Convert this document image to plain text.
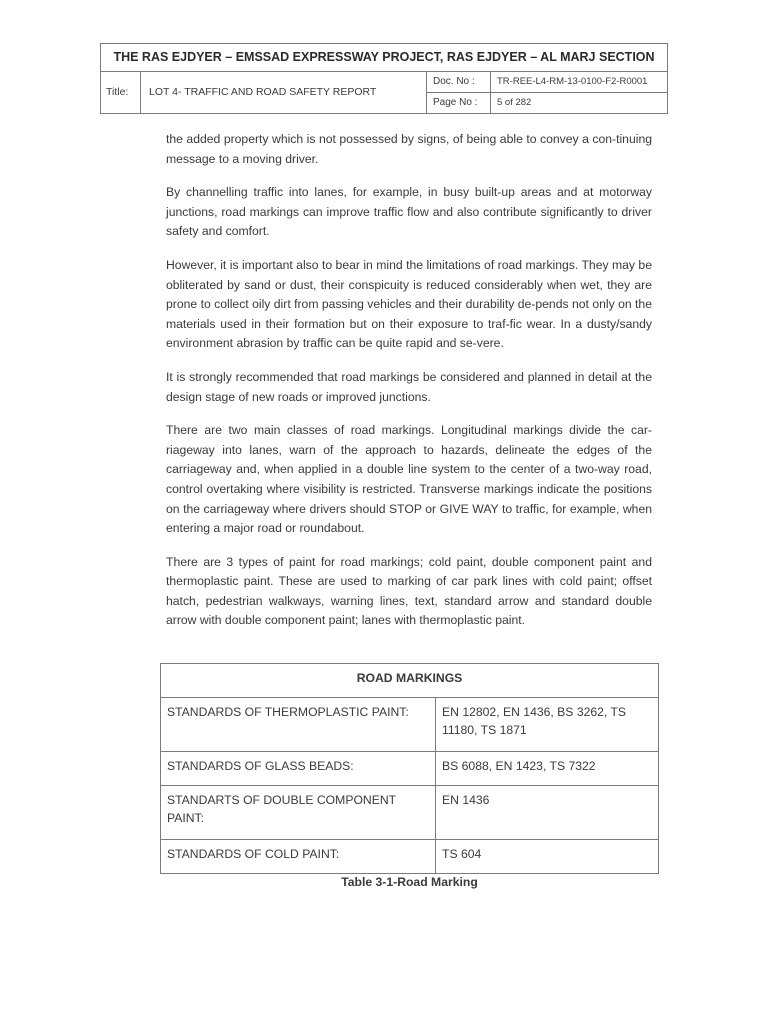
THE RAS EJDYER – EMSSAD EXPRESSWAY PROJECT, RAS EJDYER – AL MARJ SECTION
Title:	LOT 4- TRAFFIC AND ROAD SAFETY REPORT
Doc. No :	TR-REE-L4-RM-13-0100-F2-R0001
Page No :	5 of 282

the added property which is not possessed by signs, of being able to convey a con-tinuing message to a moving driver.

By channelling traffic into lanes, for example, in busy built-up areas and at motorway junctions, road markings can improve traffic flow and also contribute significantly to driver safety and comfort.

However, it is important also to bear in mind the limitations of road markings. They may be obliterated by sand or dust, their conspicuity is reduced considerably when wet, they are prone to collect oily dirt from passing vehicles and their durability de-pends not only on the materials used in their formation but on their exposure to traf-fic wear. In a dusty/sandy environment abrasion by traffic can be quite rapid and se-vere.

It is strongly recommended that road markings be considered and planned in detail at the design stage of new roads or improved junctions.

There are two main classes of road markings. Longitudinal markings divide the car-riageway into lanes, warn of the approach to hazards, delineate the edges of the carriageway and, when applied in a double line system to the center of a two-way road, control overtaking where visibility is restricted. Transverse markings indicate the positions on the carriageway where drivers should STOP or GIVE WAY to traffic, for example, when entering a major road or roundabout.

There are 3 types of paint for road markings; cold paint, double component paint and thermoplastic paint. These are used to marking of car park lines with cold paint; offset hatch, pedestrian walkways, warning lines, text, standard arrow and standard double arrow with double component paint; lanes with thermoplastic paint.

ROAD MARKINGS	
STANDARDS OF THERMOPLASTIC PAINT:	EN 12802, EN 1436, BS 3262, TS 11180, TS 1871
STANDARDS OF GLASS BEADS:	BS 6088, EN 1423, TS 7322
STANDARTS OF DOUBLE COMPONENT PAINT:	EN 1436
STANDARDS OF COLD PAINT:	TS 604
Table 3-1-Road Marking
